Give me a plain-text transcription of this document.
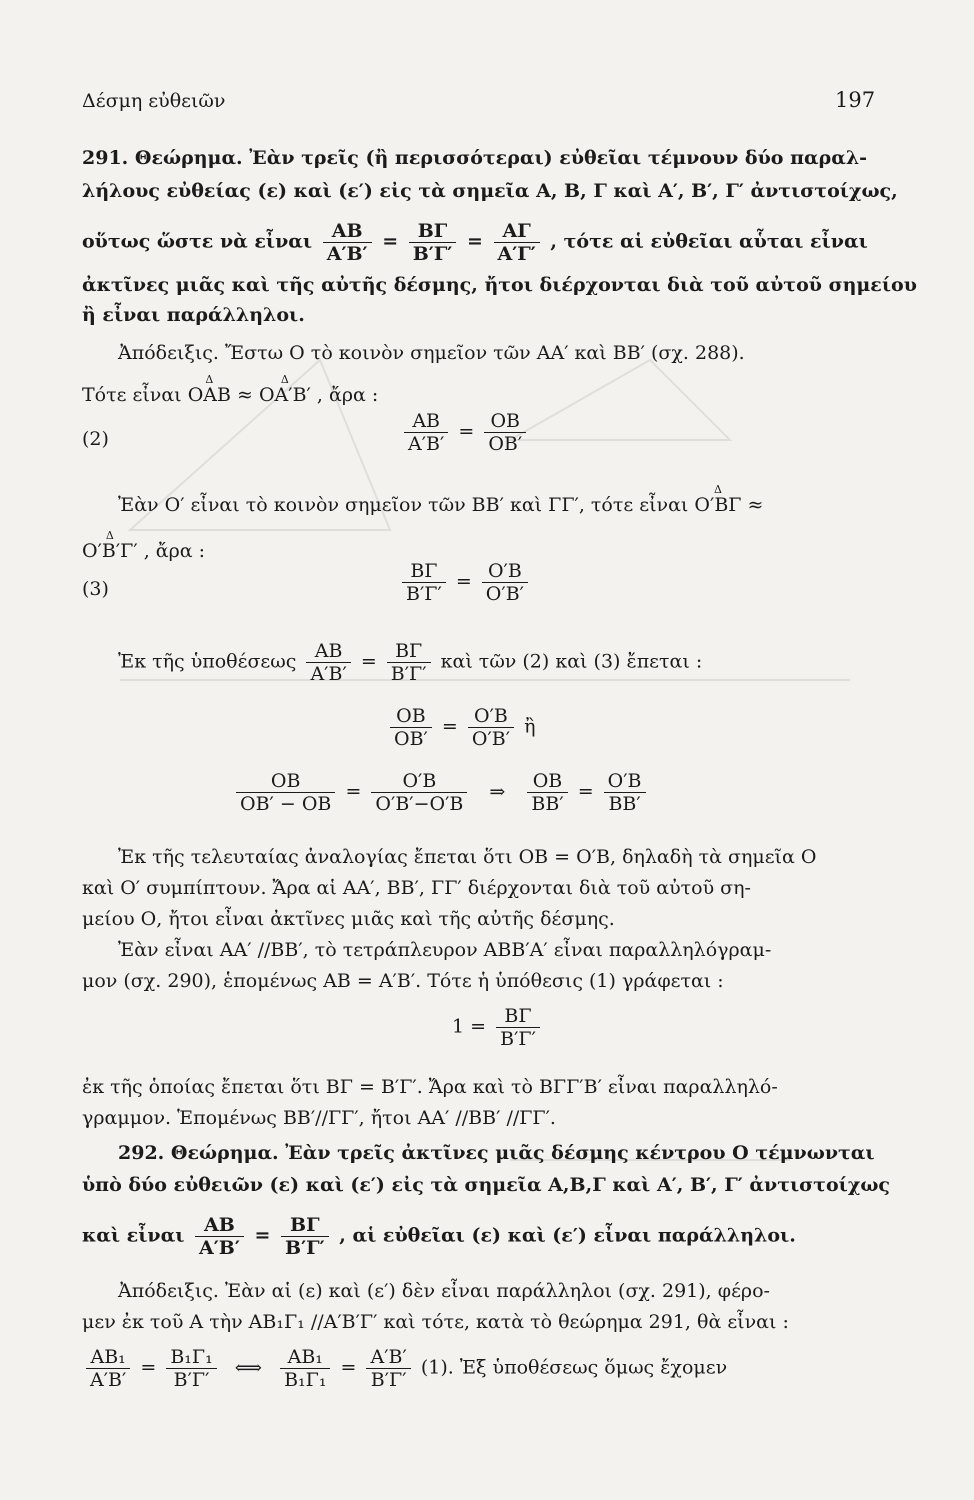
Δέσμη εὐθειῶν	197
291. Θεώρημα. Ἐὰν τρεῖς (ἢ περισσότεραι) εὐθεῖαι τέμνουν δύο παραλ-
λήλους εὐθείας (ε) καὶ (ε′) εἰς τὰ σημεῖα Α, Β, Γ καὶ Α′, Β′, Γ′ ἀντιστοίχως,
οὕτως ὥστε νὰ εἶναι $\frac{AB}{A'B'} = \frac{B\Gamma}{B'\Gamma'} = \frac{A\Gamma}{A'\Gamma'}$ , τότε αἱ εὐθεῖαι αὗται εἶναι
ἀκτῖνες μιᾶς καὶ τῆς αὐτῆς δέσμης, ἤτοι διέρχονται διὰ τοῦ αὐτοῦ σημείου
ἢ εἶναι παράλληλοι.
Ἀπόδειξις. Ἔστω Ο τὸ κοινὸν σημεῖον τῶν ΑΑ′ καὶ ΒΒ′ (σχ. 288).
Τότε εἶναι Δ ΟΑΒ ≈ Δ ΟΑ′Β′ , ἄρα :
(2)	$\frac{AB}{A'B'} = \frac{OB}{OB'}$
Ἐὰν Ο′ εἶναι τὸ κοινὸν σημεῖον τῶν ΒΒ′ καὶ ΓΓ′, τότε εἶναι Δ Ο′ΒΓ ≈
Δ Ο′Β′Γ′ , ἄρα :
(3)	$\frac{B\Gamma}{B'\Gamma'} = \frac{O'B}{O'B'}$
Ἐκ τῆς ὑποθέσεως $\frac{AB}{A'B'} = \frac{B\Gamma}{B'\Gamma'}$ καὶ τῶν (2) καὶ (3) ἔπεται :
$\frac{OB}{OB'} = \frac{O'B}{O'B'}$ ἢ
$\frac{OB}{OB' - OB} = \frac{O'B}{O'B'-O'B}$ ⇒ $\frac{OB}{BB'} = \frac{O'B}{BB'}$
Ἐκ τῆς τελευταίας ἀναλογίας ἔπεται ὅτι ΟΒ = Ο′Β, δηλαδὴ τὰ σημεῖα Ο
καὶ Ο′ συμπίπτουν. Ἄρα αἱ ΑΑ′, ΒΒ′, ΓΓ′ διέρχονται διὰ τοῦ αὐτοῦ ση-
μείου Ο, ἤτοι εἶναι ἀκτῖνες μιᾶς καὶ τῆς αὐτῆς δέσμης.
Ἐὰν εἶναι ΑΑ′ //ΒΒ′, τὸ τετράπλευρον ΑΒΒ′Α′ εἶναι παραλληλόγραμ-
μον (σχ. 290), ἑπομένως ΑΒ = Α′Β′. Τότε ἡ ὑπόθεσις (1) γράφεται :
$1 = \frac{B\Gamma}{B'\Gamma'}$
ἐκ τῆς ὁποίας ἔπεται ὅτι ΒΓ = Β′Γ′. Ἄρα καὶ τὸ ΒΓΓ′Β′ εἶναι παραλληλό-
γραμμον. Ἑπομένως ΒΒ′//ΓΓ′, ἤτοι ΑΑ′ //ΒΒ′ //ΓΓ′.
292. Θεώρημα. Ἐὰν τρεῖς ἀκτῖνες μιᾶς δέσμης κέντρου Ο τέμνωνται
ὑπὸ δύο εὐθειῶν (ε) καὶ (ε′) εἰς τὰ σημεῖα Α,Β,Γ καὶ Α′, Β′, Γ′ ἀντιστοίχως
καὶ εἶναι $\frac{AB}{A'B'} = \frac{B\Gamma}{B'\Gamma'}$ , αἱ εὐθεῖαι (ε) καὶ (ε′) εἶναι παράλληλοι.
Ἀπόδειξις. Ἐὰν αἱ (ε) καὶ (ε′) δὲν εἶναι παράλληλοι (σχ. 291), φέρο-
μεν ἐκ τοῦ Α τὴν ΑΒ₁Γ₁ //Α′Β′Γ′ καὶ τότε, κατὰ τὸ θεώρημα 291, θὰ εἶναι :
$\frac{\text{ΑΒ₁}}{A'B'} = \frac{\text{Β₁Γ₁}}{B'\Gamma'}$ ⟺ $\frac{\text{ΑΒ₁}}{\text{Β₁Γ₁}} = \frac{A'B'}{B'\Gamma'} (1)$. Ἐξ ὑποθέσεως ὅμως ἔχομεν
